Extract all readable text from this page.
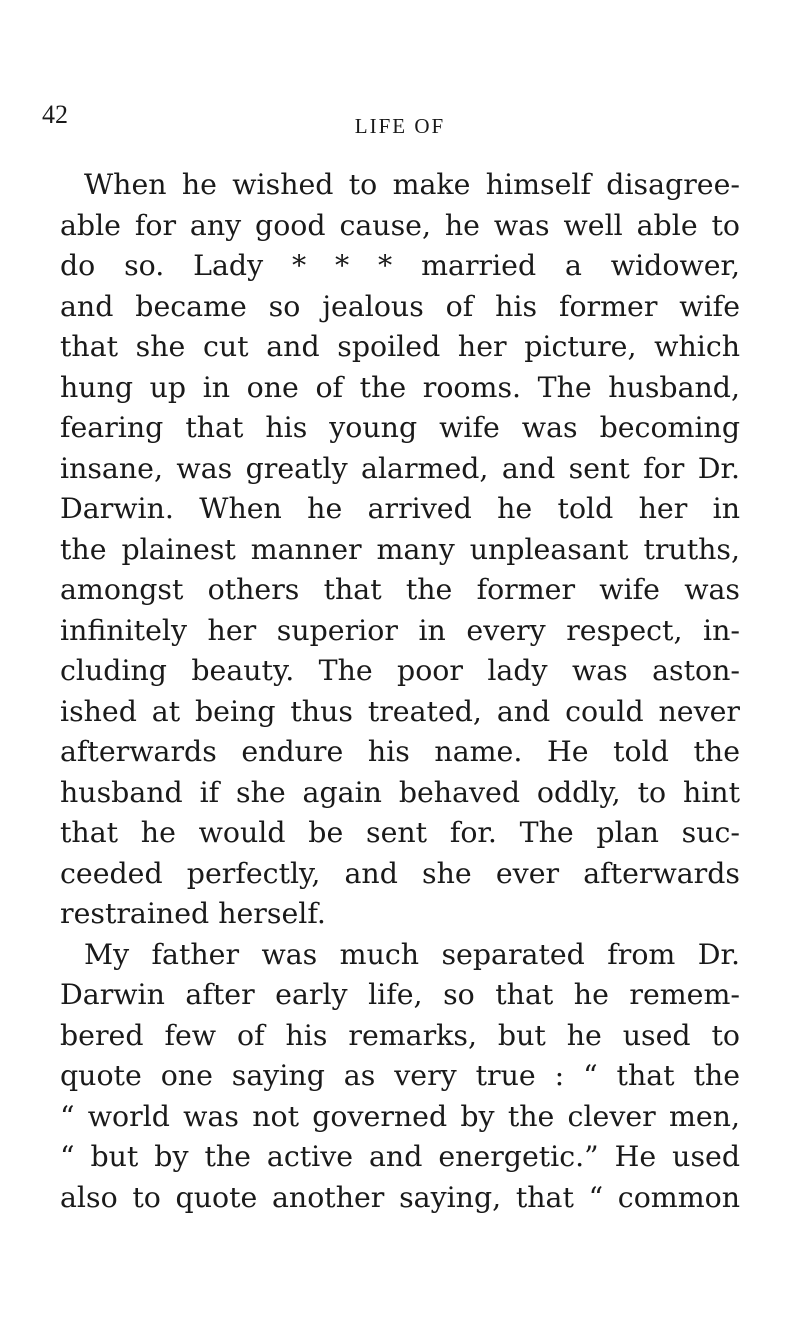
42	LIFE OF
When he wished to make himself disagree-
able for any good cause, he was well able to
do so. Lady * * * married a widower,
and became so jealous of his former wife
that she cut and spoiled her picture, which
hung up in one of the rooms. The husband,
fearing that his young wife was becoming
insane, was greatly alarmed, and sent for Dr.
Darwin. When he arrived he told her in
the plainest manner many unpleasant truths,
amongst others that the former wife was
infinitely her superior in every respect, in-
cluding beauty. The poor lady was aston-
ished at being thus treated, and could never
afterwards endure his name. He told the
husband if she again behaved oddly, to hint
that he would be sent for. The plan suc-
ceeded perfectly, and she ever afterwards
restrained herself.
My father was much separated from Dr.
Darwin after early life, so that he remem-
bered few of his remarks, but he used to
quote one saying as very true : “ that the
“ world was not governed by the clever men,
“ but by the active and energetic.” He used
also to quote another saying, that “ common
